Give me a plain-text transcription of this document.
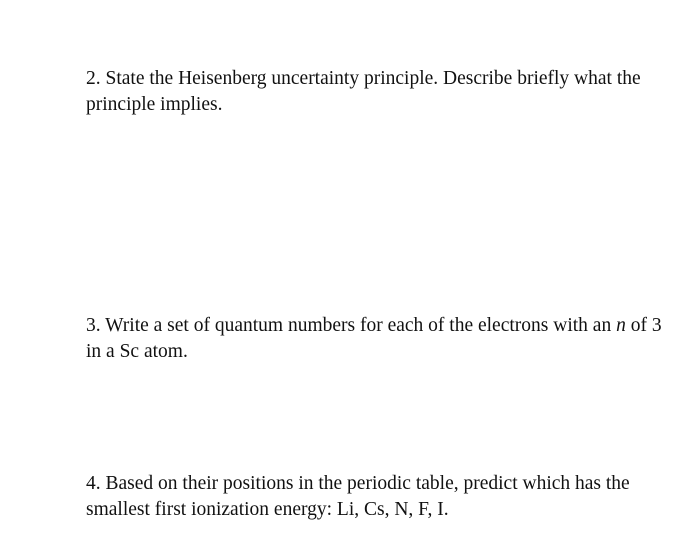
2. State the Heisenberg uncertainty principle. Describe briefly what the principle implies.

3. Write a set of quantum numbers for each of the electrons with an n of 3 in a Sc atom.

4. Based on their positions in the periodic table, predict which has the smallest first ionization energy: Li, Cs, N, F, I.
